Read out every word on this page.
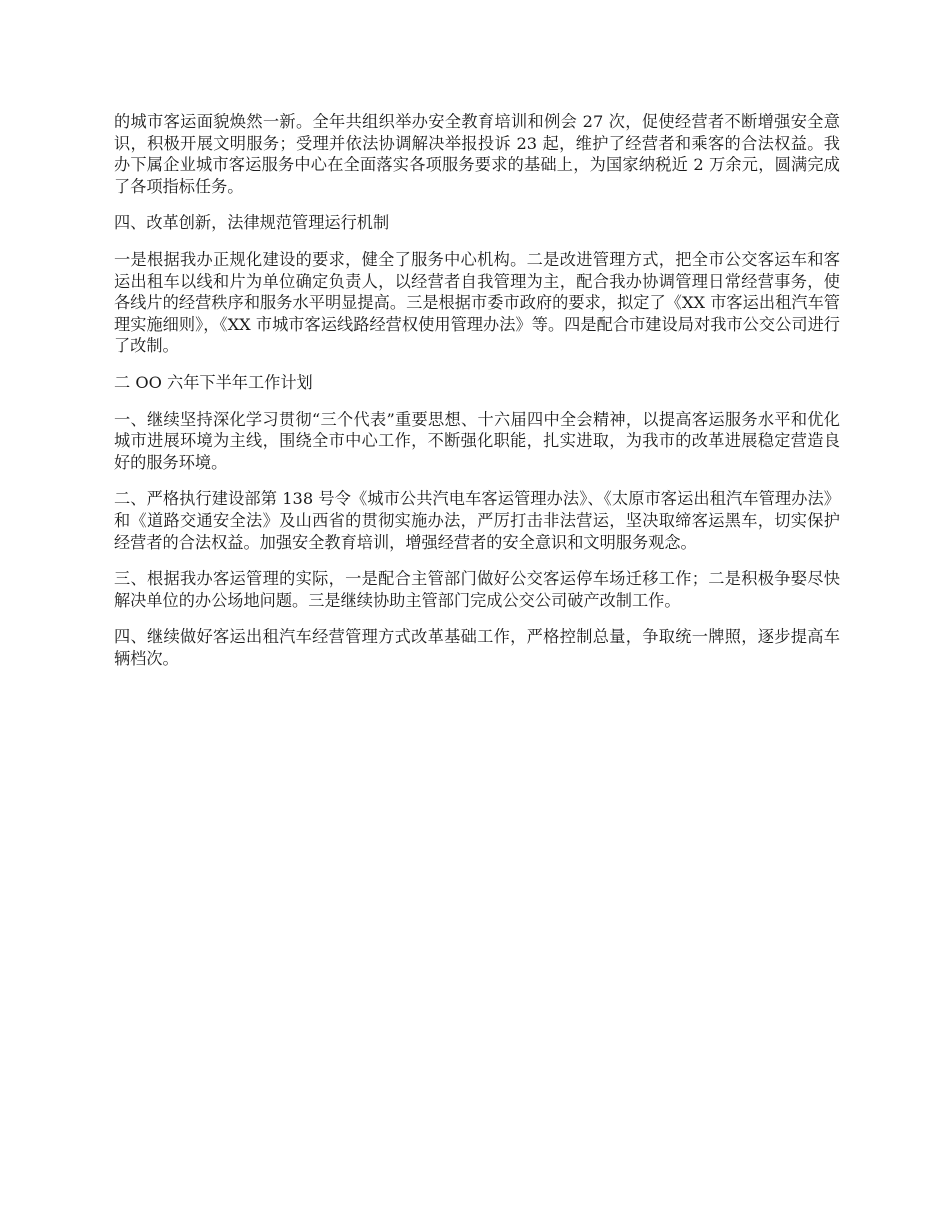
的城市客运面貌焕然一新。全年共组织举办安全教育培训和例会 27 次，促使经营者不断增强安全意识，积极开展文明服务；受理并依法协调解决举报投诉 23 起，维护了经营者和乘客的合法权益。我办下属企业城市客运服务中心在全面落实各项服务要求的基础上，为国家纳税近 2 万余元，圆满完成了各项指标任务。

四、改革创新，法律规范管理运行机制

一是根据我办正规化建设的要求，健全了服务中心机构。二是改进管理方式，把全市公交客运车和客运出租车以线和片为单位确定负责人，以经营者自我管理为主，配合我办协调管理日常经营事务，使各线片的经营秩序和服务水平明显提高。三是根据市委市政府的要求，拟定了《XX 市客运出租汽车管理实施细则》，《XX 市城市客运线路经营权使用管理办法》等。四是配合市建设局对我市公交公司进行了改制。

二 OO 六年下半年工作计划

一、继续坚持深化学习贯彻“三个代表”重要思想、十六届四中全会精神，以提高客运服务水平和优化城市进展环境为主线，围绕全市中心工作，不断强化职能，扎实进取，为我市的改革进展稳定营造良好的服务环境。

二、严格执行建设部第 138 号令《城市公共汽电车客运管理办法》、《太原市客运出租汽车管理办法》和《道路交通安全法》及山西省的贯彻实施办法，严厉打击非法营运，坚决取缔客运黑车，切实保护经营者的合法权益。加强安全教育培训，增强经营者的安全意识和文明服务观念。

三、根据我办客运管理的实际，一是配合主管部门做好公交客运停车场迁移工作；二是积极争娶尽快解决单位的办公场地问题。三是继续协助主管部门完成公交公司破产改制工作。

四、继续做好客运出租汽车经营管理方式改革基础工作，严格控制总量，争取统一牌照，逐步提高车辆档次。
